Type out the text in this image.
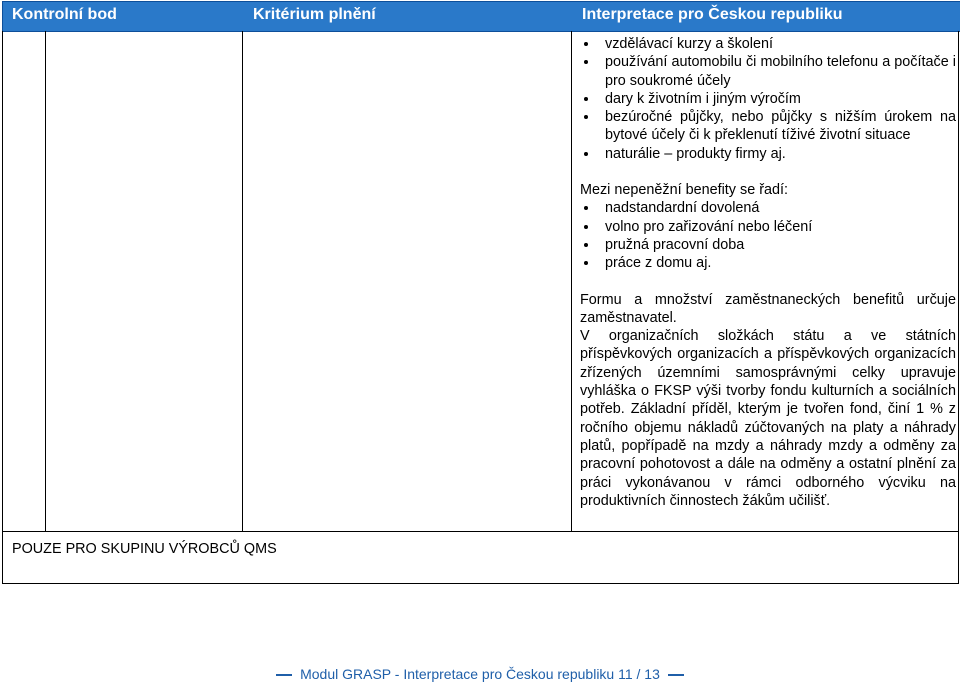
Kontrolní bod	Kritérium plnění	Interpretace pro Českou republiku
vzdělávací kurzy a školení
používání automobilu či mobilního telefonu a počítače i pro soukromé účely
dary k životním i jiným výročím
bezúročné půjčky, nebo půjčky s nižším úrokem na bytové účely či k překlenutí tíživé životní situace
naturálie – produkty firmy aj.

Mezi nepeněžní benefity se řadí:

nadstandardní dovolená
volno pro zařizování nebo léčení
pružná pracovní doba
práce z domu aj.

Formu a množství zaměstnaneckých benefitů určuje zaměstnavatel.

V organizačních složkách státu a ve státních příspěvkových organizacích a příspěvkových organizacích zřízených územními samosprávnými celky upravuje vyhláška o FKSP výši tvorby fondu kulturních a sociálních potřeb. Základní příděl, kterým je tvořen fond, činí 1 % z ročního objemu nákladů zúčtovaných na platy a náhrady platů, popřípadě na mzdy a náhrady mzdy a odměny za pracovní pohotovost a dále na odměny a ostatní plnění za práci vykonávanou v rámci odborného výcviku na produktivních činnostech žákům učilišť.

POUZE PRO SKUPINU VÝROBCŮ QMS
Modul GRASP - Interpretace pro Českou republiku 11 / 13
